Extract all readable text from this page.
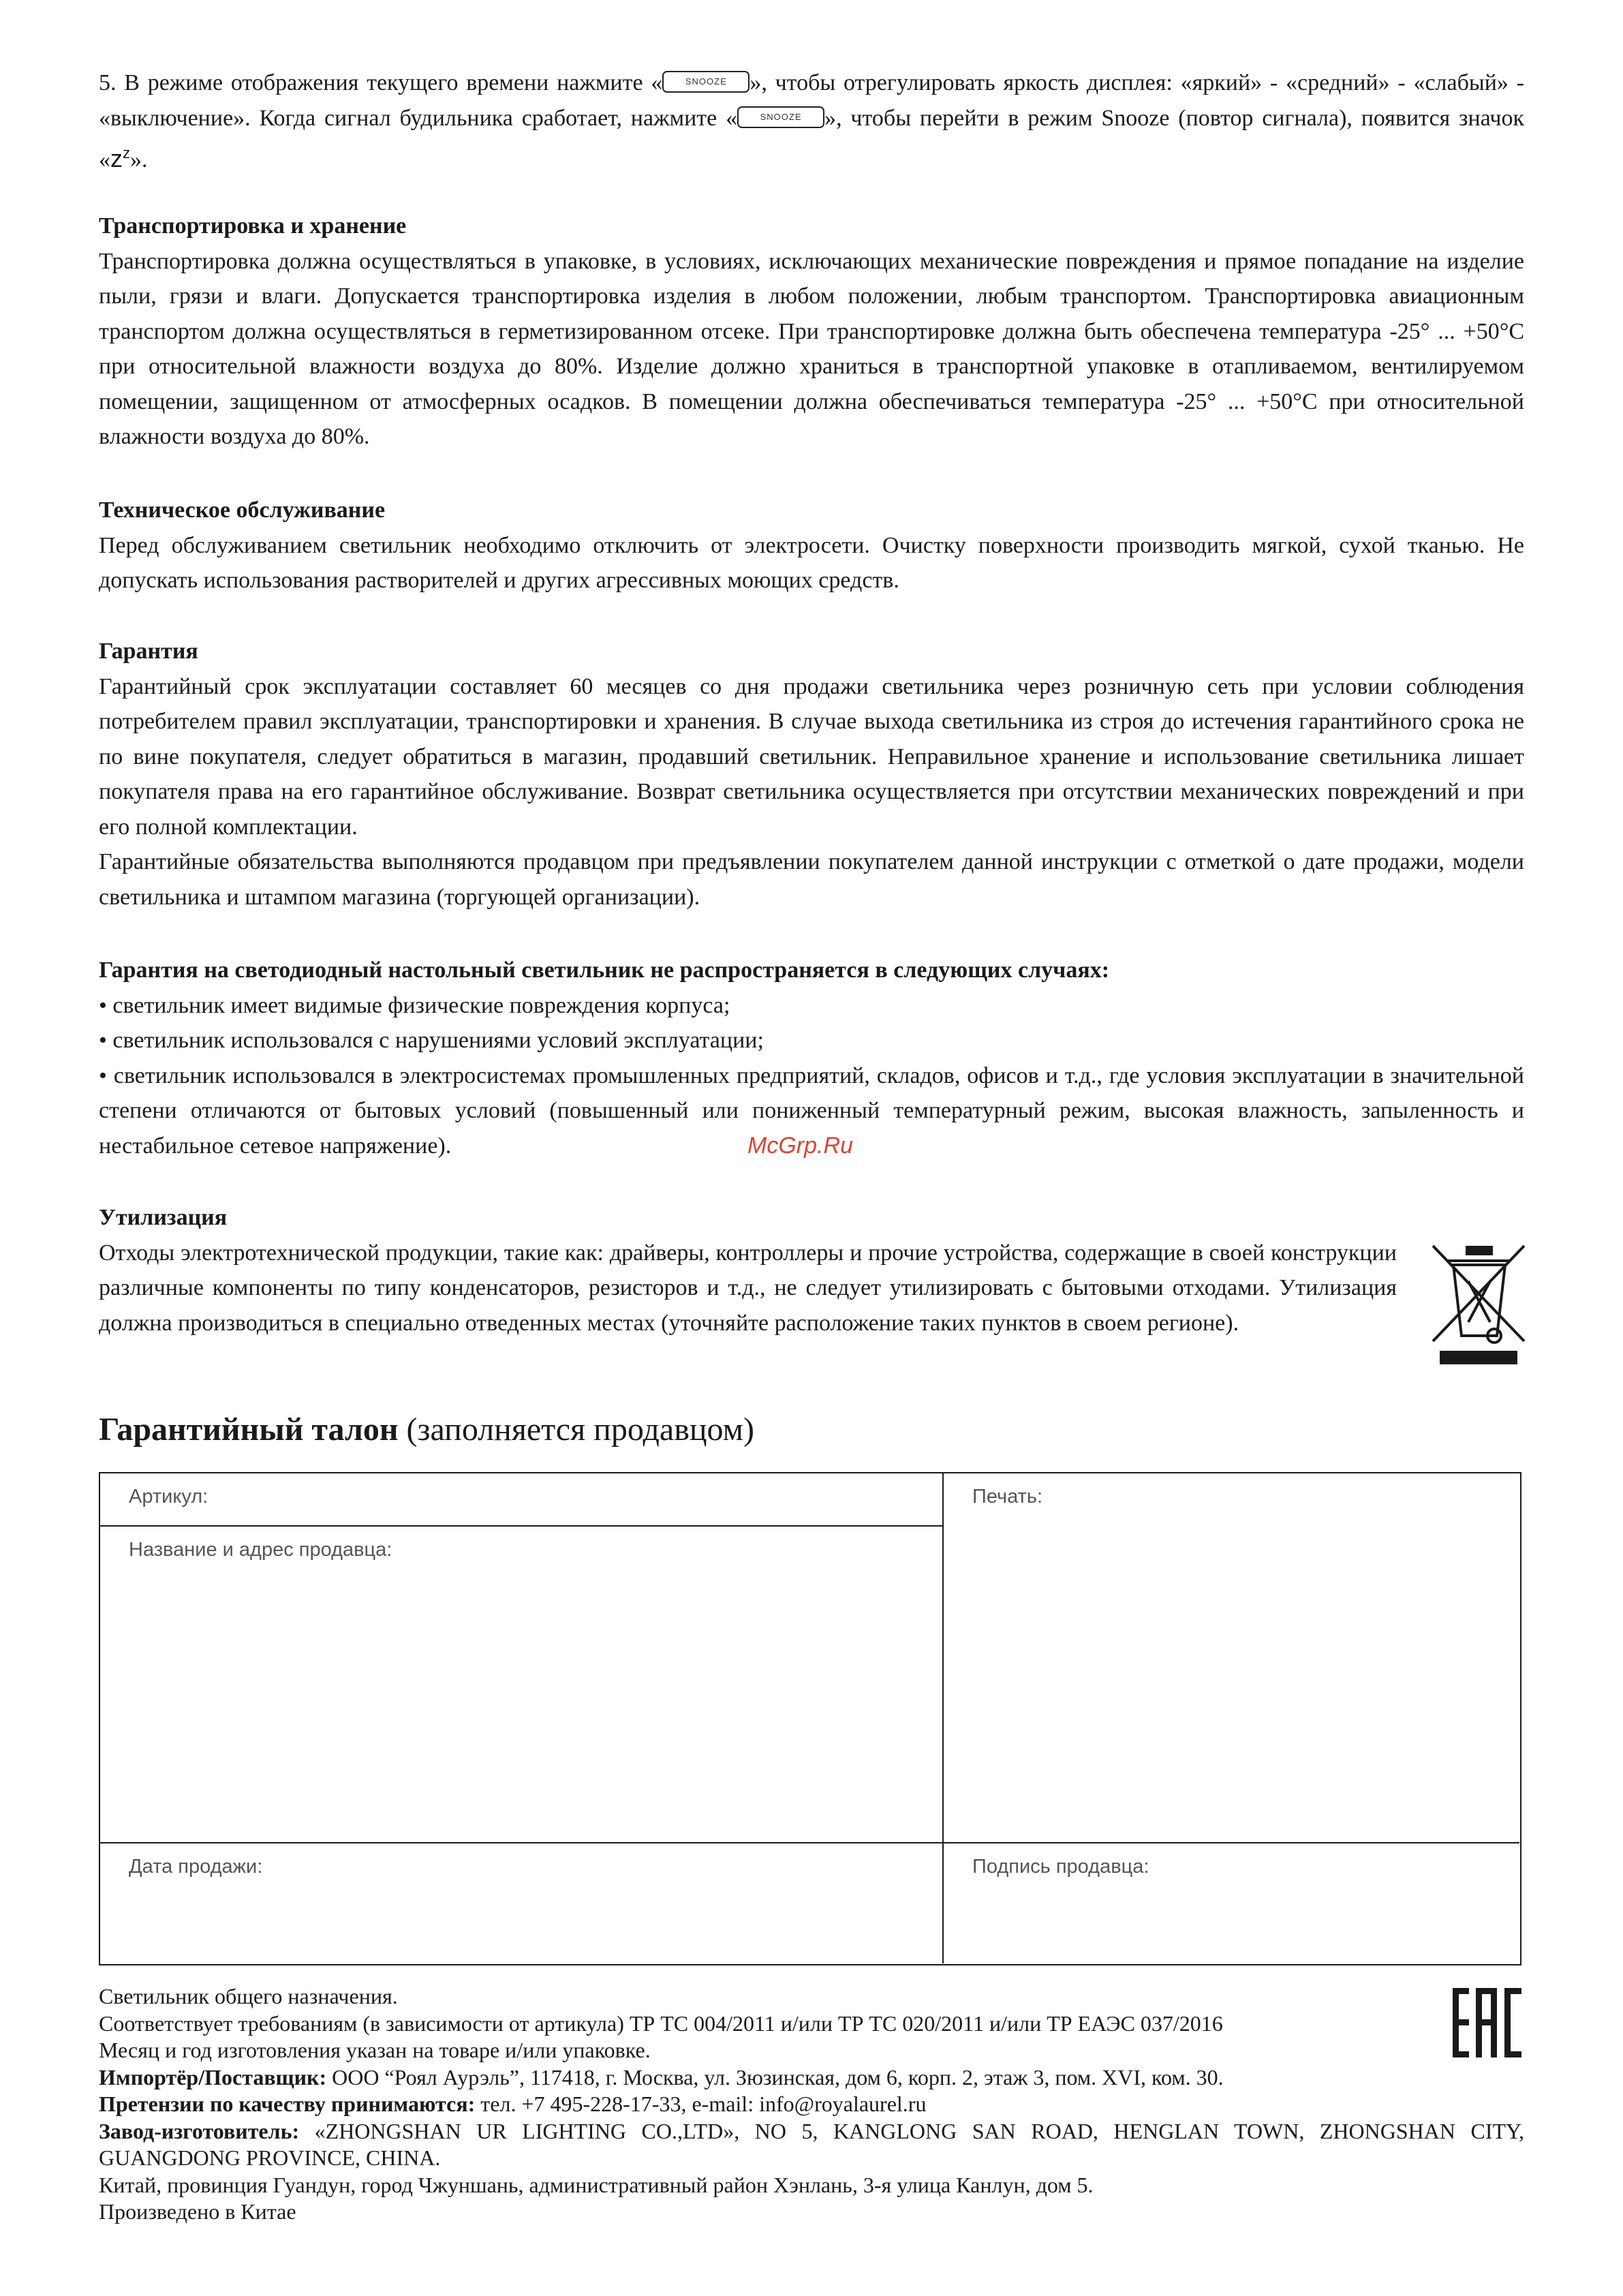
5. В режиме отображения текущего времени нажмите «	SNOOZE », чтобы отрегулировать яркость дисплея: «яркий» - «средний» - «слабый» - «выключение». Когда сигнал будильника сработает, нажмите «	SNOOZE », чтобы перейти в режим Snooze (повтор сигнала), появится значок «$z^z$».

Транспортировка и хранение

Транспортировка должна осуществляться в упаковке, в условиях, исключающих механические повреждения и прямое попадание на изделие пыли, грязи и влаги. Допускается транспортировка изделия в любом положении, любым транспортом. Транспортировка авиационным транспортом должна осуществляться в герметизированном отсеке. При транспортировке должна быть обеспечена температура -25° ... +50°С при относительной влажности воздуха до 80%. Изделие должно храниться в транспортной упаковке в отапливаемом, вентилируемом помещении, защищенном от атмосферных осадков. В помещении должна обеспечиваться температура -25° ... +50°С при относительной влажности воздуха до 80%.

Техническое обслуживание

Перед обслуживанием светильник необходимо отключить от электросети. Очистку поверхности производить мягкой, сухой тканью. Не допускать использования растворителей и других агрессивных моющих средств.

Гарантия

Гарантийный срок эксплуатации составляет 60 месяцев со дня продажи светильника через розничную сеть при условии соблюдения потребителем правил эксплуатации, транспортировки и хранения. В случае выхода светильника из строя до истечения гарантийного срока не по вине покупателя, следует обратиться в магазин, продавший светильник. Неправильное хранение и использование светильника лишает покупателя права на его гарантийное обслуживание. Возврат светильника осуществляется при отсутствии механических повреждений и при его полной комплектации.

Гарантийные обязательства выполняются продавцом при предъявлении покупателем данной инструкции с отметкой о дате продажи, модели светильника и штампом магазина (торгующей организации).

Гарантия на светодиодный настольный светильник не распространяется в следующих случаях:

• светильник имеет видимые физические повреждения корпуса;

• светильник использовался с нарушениями условий эксплуатации;

• светильник использовался в электросистемах промышленных предприятий, складов, офисов и т.д., где условия эксплуатации в значительной степени отличаются от бытовых условий (повышенный или пониженный температурный режим, высокая влажность, запыленность и нестабильное сетевое напряжение).	McGrp.Ru

Утилизация

Отходы электротехнической продукции, такие как: драйверы, контроллеры и прочие устройства, содержащие в своей конструкции различные компоненты по типу конденсаторов, резисторов и т.д., не следует утилизировать с бытовыми отходами. Утилизация должна производиться в специально отведенных местах (уточняйте расположение таких пунктов в своем регионе).

Гарантийный талон (заполняется продавцом)

Артикул:
Название и адрес продавца:
Печать:
Дата продажи:	Подпись продавца:

Светильник общего назначения.

Соответствует требованиям (в зависимости от артикула) ТР ТС 004/2011 и/или ТР ТС 020/2011 и/или ТР ЕАЭС 037/2016

Месяц и год изготовления указан на товаре и/или упаковке.

Импортёр/Поставщик: ООО “Роял Аурэль”, 117418, г. Москва, ул. Зюзинская, дом 6, корп. 2, этаж 3, пом. XVI, ком. 30.

Претензии по качеству принимаются: тел. +7 495-228-17-33, e-mail: info@royalaurel.ru

Завод-изготовитель: «ZHONGSHAN UR LIGHTING CO.,LTD», NO 5, KANGLONG SAN ROAD, HENGLAN TOWN, ZHONGSHAN CITY, GUANGDONG PROVINCE, CHINA.

Китай, провинция Гуандун, город Чжуншань, административный район Хэнлань, 3-я улица Канлун, дом 5.

Произведено в Китае
